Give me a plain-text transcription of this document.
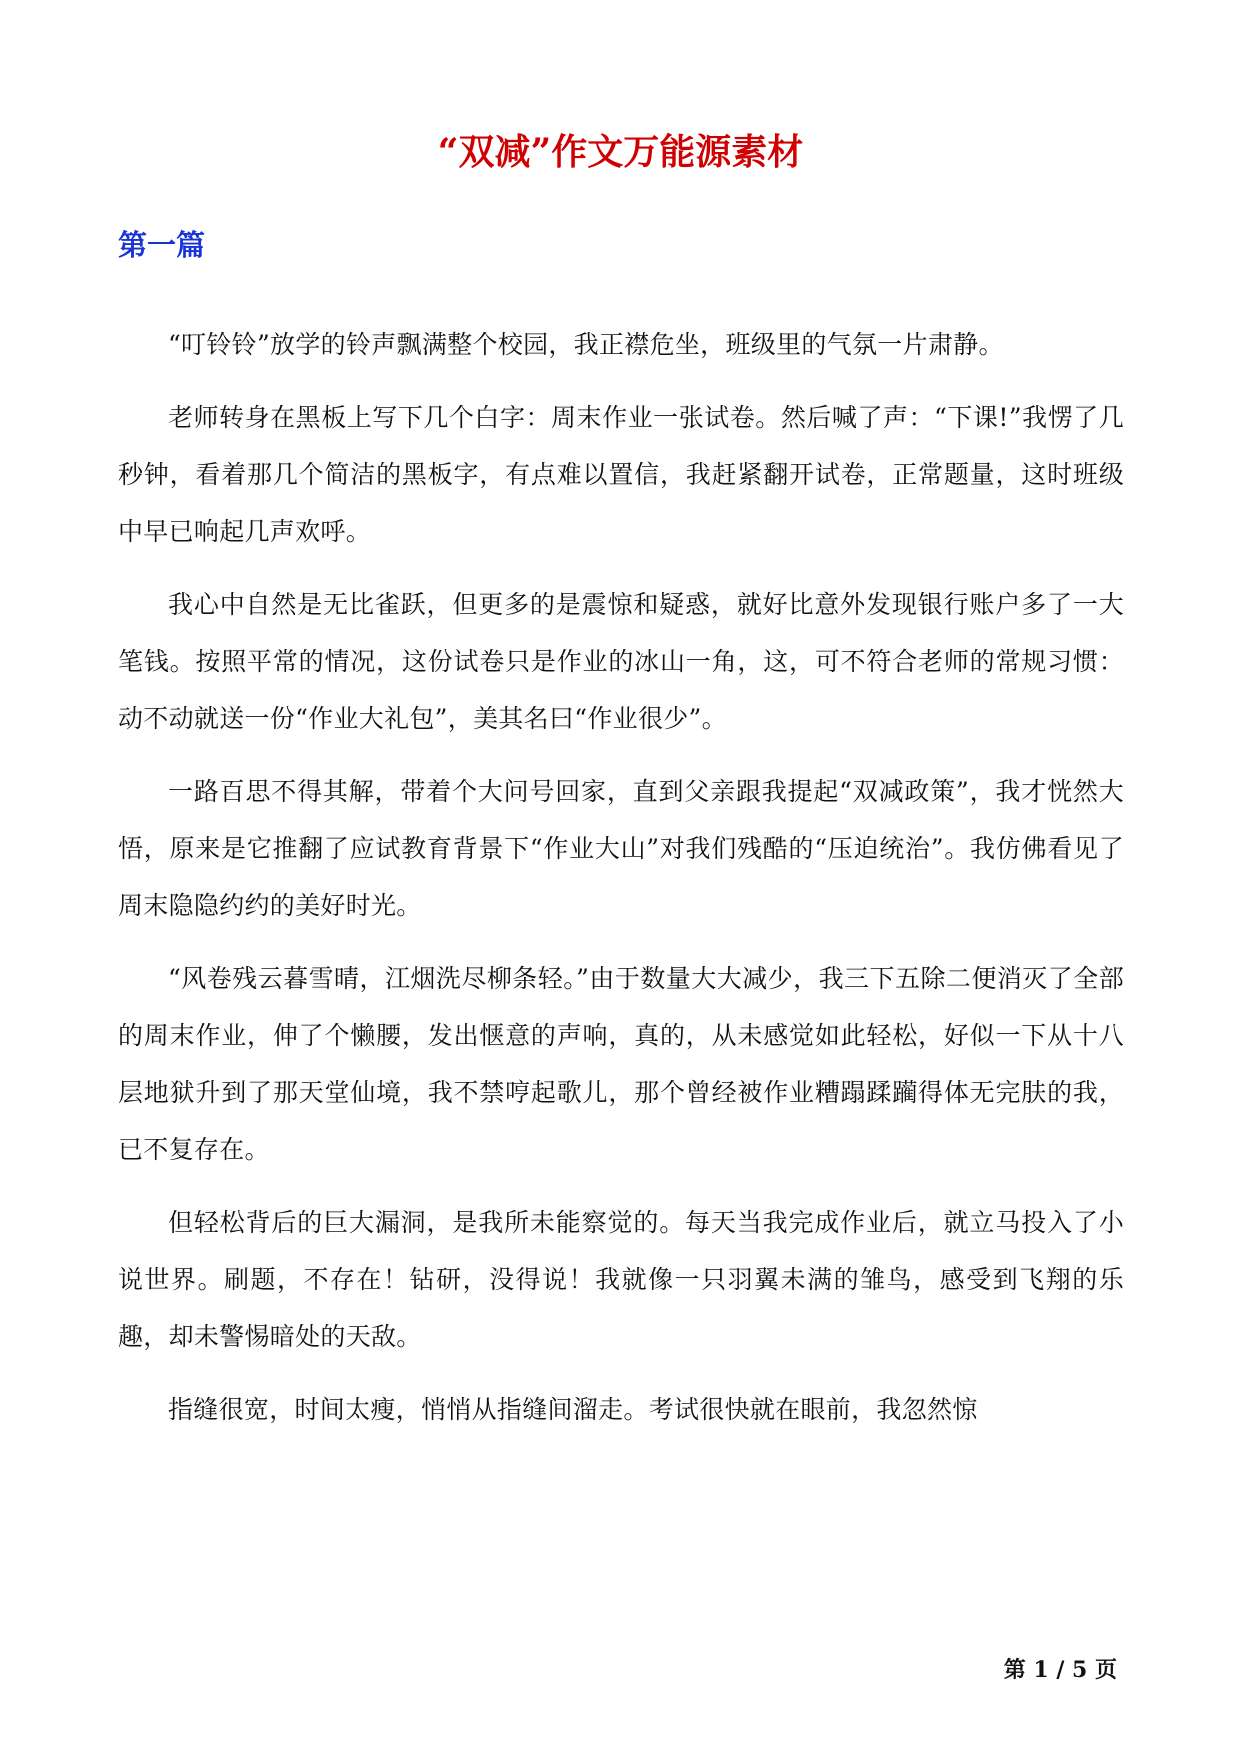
“双减”作文万能源素材
第一篇

“叮铃铃”放学的铃声飘满整个校园，我正襟危坐，班级里的气氛一片肃静。

老师转身在黑板上写下几个白字：周末作业一张试卷。然后喊了声：“下课!”我愣了几秒钟，看着那几个简洁的黑板字，有点难以置信，我赶紧翻开试卷，正常题量，这时班级中早已响起几声欢呼。

我心中自然是无比雀跃，但更多的是震惊和疑惑，就好比意外发现银行账户多了一大笔钱。按照平常的情况，这份试卷只是作业的冰山一角，这，可不符合老师的常规习惯：动不动就送一份“作业大礼包”，美其名曰“作业很少”。

一路百思不得其解，带着个大问号回家，直到父亲跟我提起“双减政策”，我才恍然大悟，原来是它推翻了应试教育背景下“作业大山”对我们残酷的“压迫统治”。我仿佛看见了周末隐隐约约的美好时光。

“风卷残云暮雪晴，江烟洗尽柳条轻。”由于数量大大减少，我三下五除二便消灭了全部的周末作业，伸了个懒腰，发出惬意的声响，真的，从未感觉如此轻松，好似一下从十八层地狱升到了那天堂仙境，我不禁哼起歌儿，那个曾经被作业糟蹋蹂躏得体无完肤的我，已不复存在。

但轻松背后的巨大漏洞，是我所未能察觉的。每天当我完成作业后，就立马投入了小说世界。刷题，不存在！钻研，没得说！我就像一只羽翼未满的雏鸟，感受到飞翔的乐趣，却未警惕暗处的天敌。

指缝很宽，时间太瘦，悄悄从指缝间溜走。考试很快就在眼前，我忽然惊

第 1 / 5 页
